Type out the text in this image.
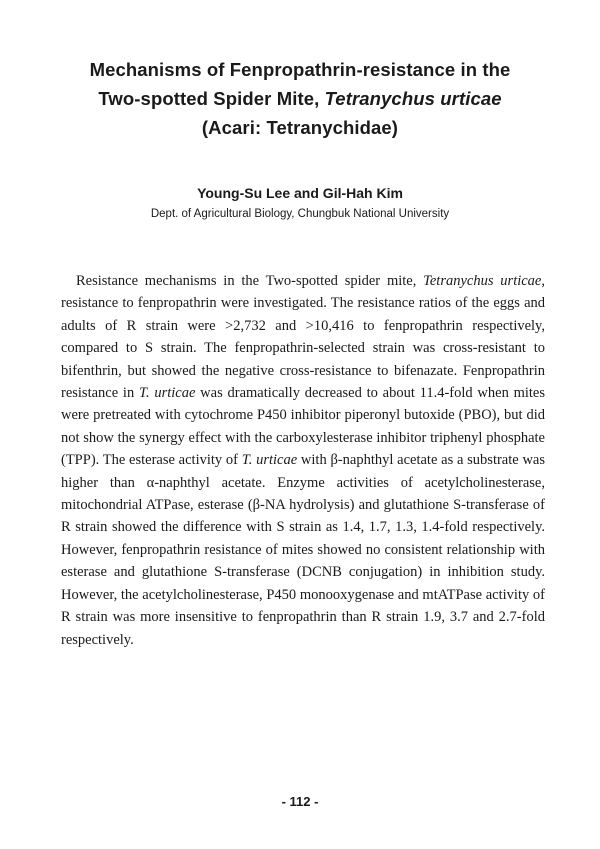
Mechanisms of Fenpropathrin-resistance in the
Two-spotted Spider Mite, Tetranychus urticae
(Acari: Tetranychidae)
Young-Su Lee and Gil-Hah Kim
Dept. of Agricultural Biology, Chungbuk National University

Resistance mechanisms in the Two-spotted spider mite, Tetranychus urticae, resistance to fenpropathrin were investigated. The resistance ratios of the eggs and adults of R strain were >2,732 and >10,416 to fenpropathrin respectively, compared to S strain. The fenpropathrin-selected strain was cross-resistant to bifenthrin, but showed the negative cross-resistance to bifenazate. Fenpropathrin resistance in T. urticae was dramatically decreased to about 11.4-fold when mites were pretreated with cytochrome P450 inhibitor piperonyl butoxide (PBO), but did not show the synergy effect with the carboxylesterase inhibitor triphenyl phosphate (TPP). The esterase activity of T. urticae with β-naphthyl acetate as a substrate was higher than α-naphthyl acetate. Enzyme activities of acetylcholinesterase, mitochondrial ATPase, esterase (β-NA hydrolysis) and glutathione S-transferase of R strain showed the difference with S strain as 1.4, 1.7, 1.3, 1.4-fold respectively. However, fenpropathrin resistance of mites showed no consistent relationship with esterase and glutathione S-transferase (DCNB conjugation) in inhibition study. However, the acetylcholinesterase, P450 monooxygenase and mtATPase activity of R strain was more insensitive to fenpropathrin than R strain 1.9, 3.7 and 2.7-fold respectively.

- 112 -
